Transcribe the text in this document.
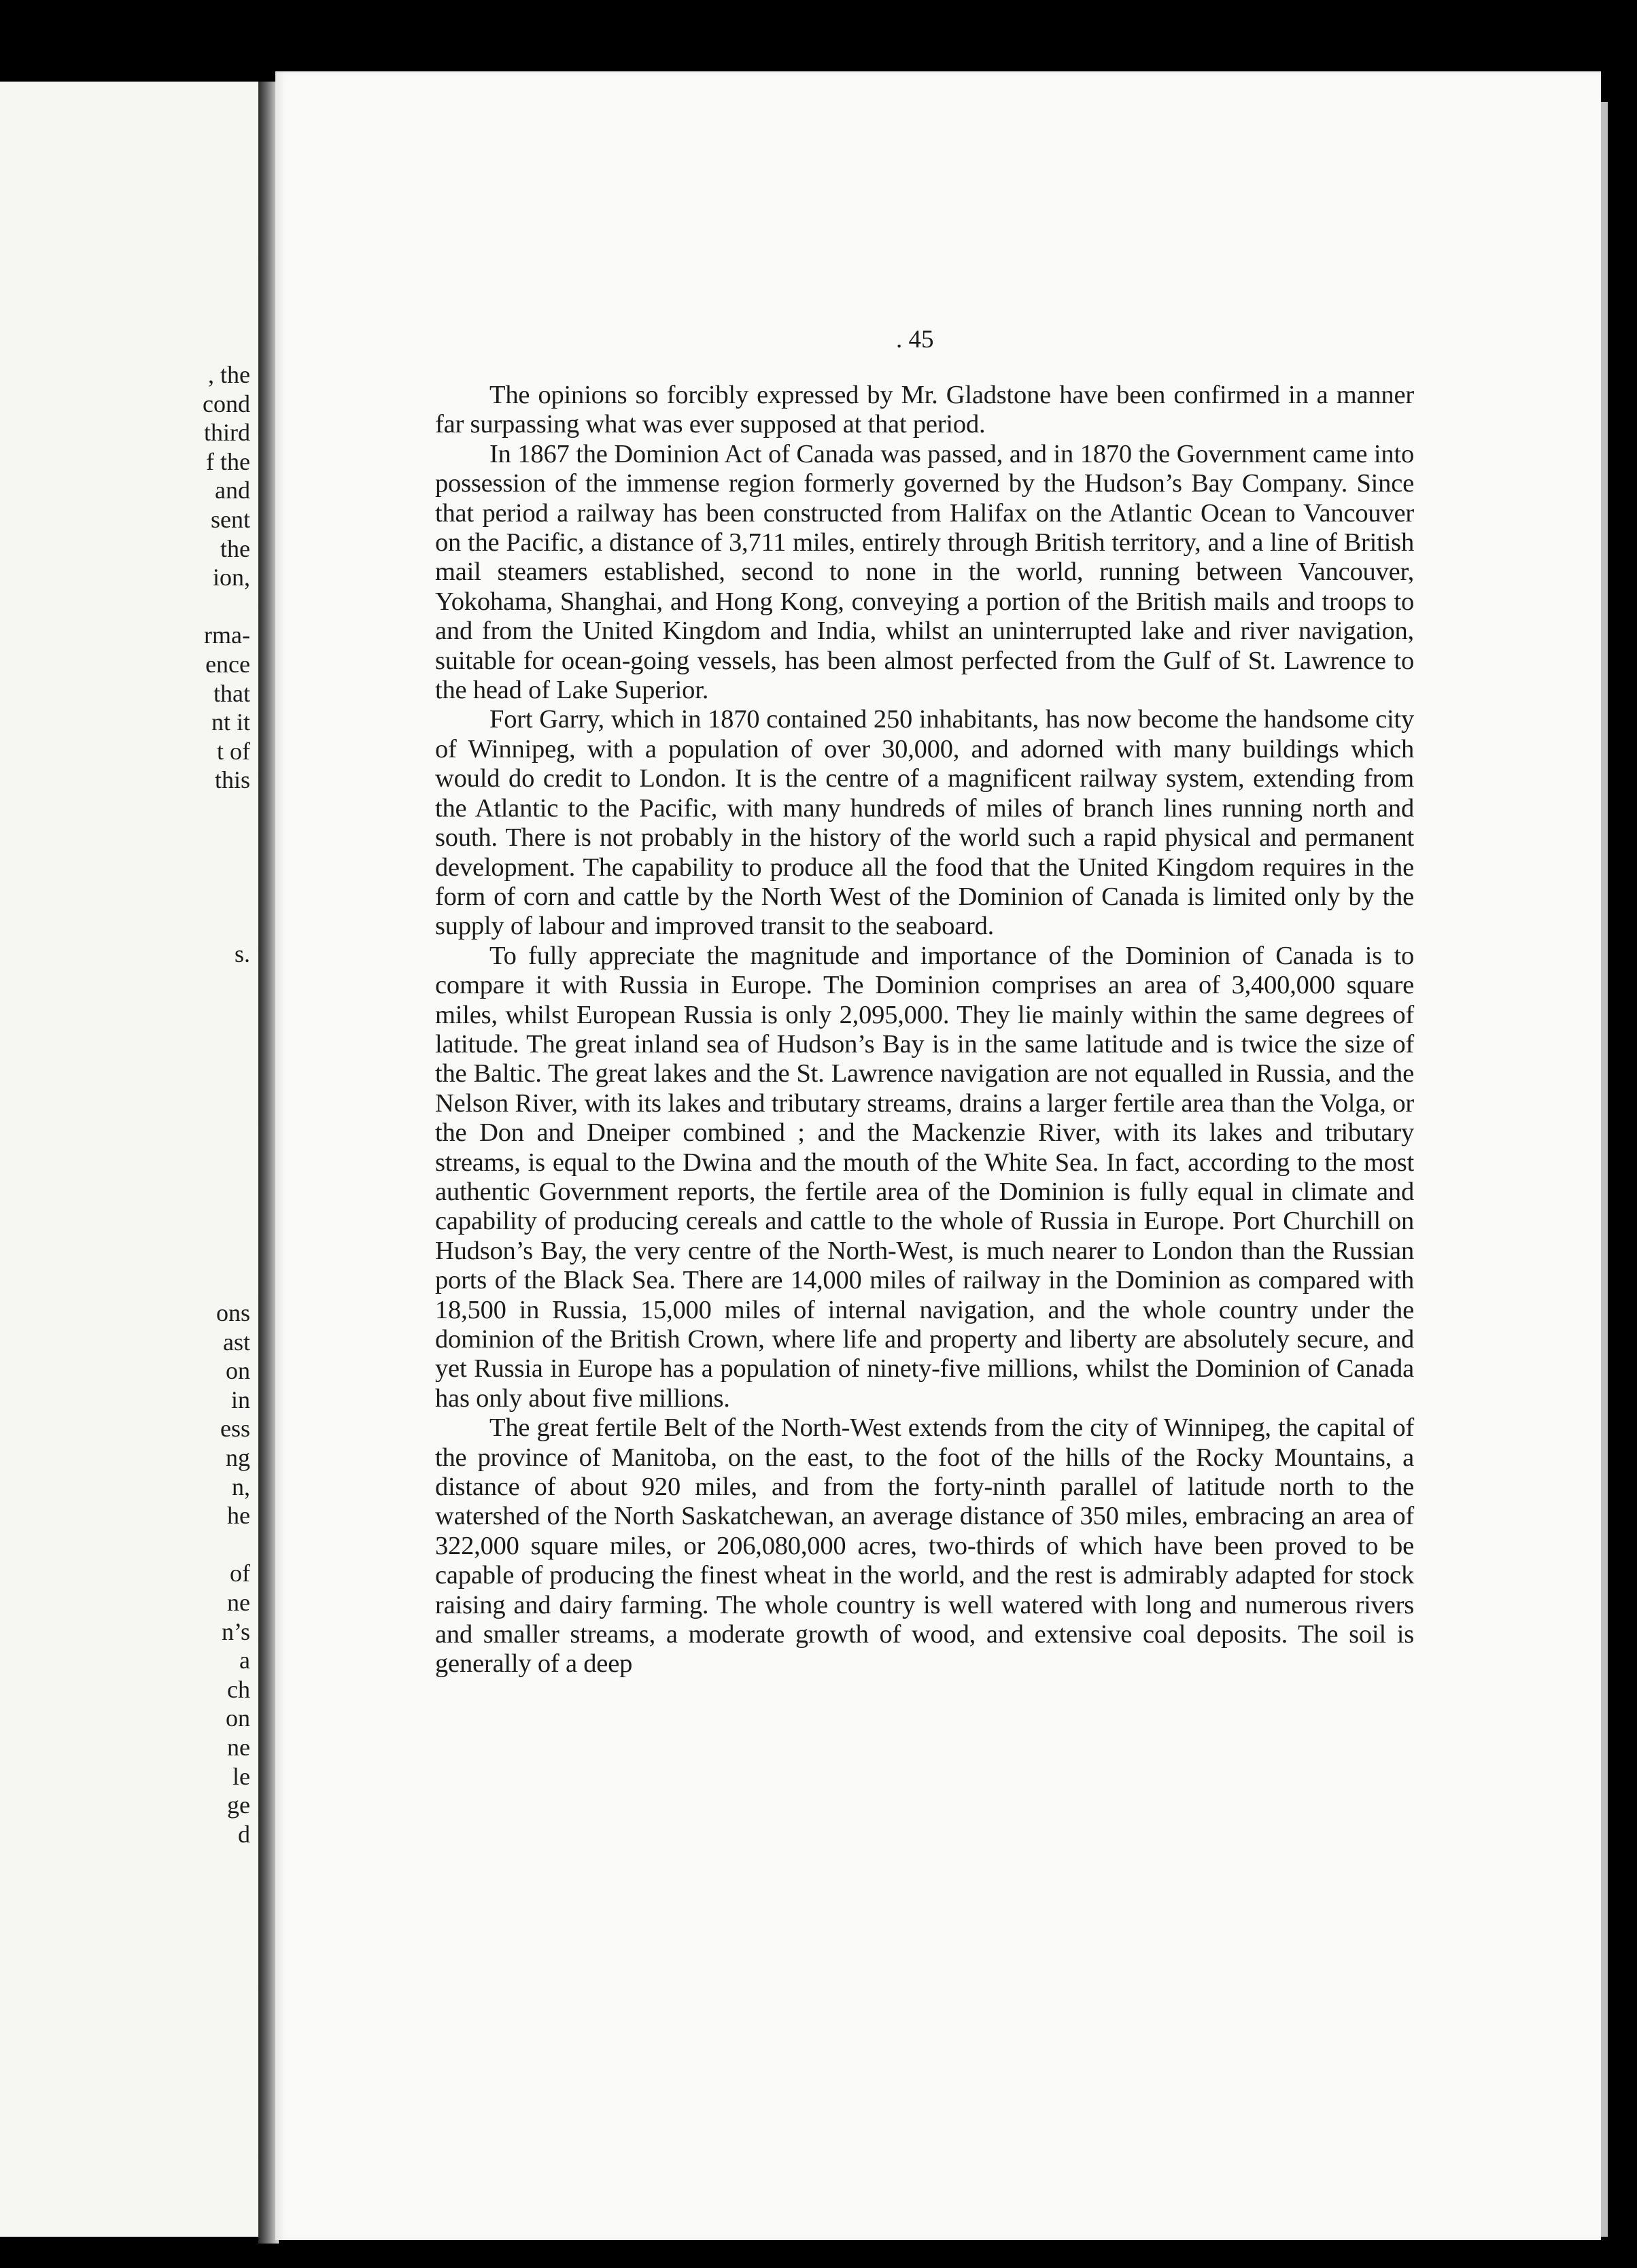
, the
cond
third
f the
and
sent
the
ion,
rma-
ence
that
nt it
t of
this
s.
ons
ast
on
in
ess
ng
n,
he
of
ne
n’s
a
ch
on
ne
le
ge
d
. 45

The opinions so forcibly expressed by Mr. Gladstone have been confirmed in a manner far surpassing what was ever supposed at that period.

In 1867 the Dominion Act of Canada was passed, and in 1870 the Government came into possession of the immense region formerly governed by the Hudson’s Bay Company. Since that period a railway has been constructed from Halifax on the Atlantic Ocean to Vancouver on the Pacific, a distance of 3,711 miles, entirely through British territory, and a line of British mail steamers established, second to none in the world, running between Vancouver, Yokohama, Shanghai, and Hong Kong, conveying a portion of the British mails and troops to and from the United Kingdom and India, whilst an uninterrupted lake and river navigation, suitable for ocean-going vessels, has been almost perfected from the Gulf of St. Lawrence to the head of Lake Superior.

Fort Garry, which in 1870 contained 250 inhabitants, has now become the handsome city of Winnipeg, with a population of over 30,000, and adorned with many buildings which would do credit to London. It is the centre of a magnificent railway system, extending from the Atlantic to the Pacific, with many hundreds of miles of branch lines running north and south. There is not probably in the history of the world such a rapid physical and permanent development. The capability to produce all the food that the United Kingdom requires in the form of corn and cattle by the North West of the Dominion of Canada is limited only by the supply of labour and improved transit to the seaboard.

To fully appreciate the magnitude and importance of the Dominion of Canada is to compare it with Russia in Europe. The Dominion comprises an area of 3,400,000 square miles, whilst European Russia is only 2,095,000. They lie mainly within the same degrees of latitude. The great inland sea of Hudson’s Bay is in the same latitude and is twice the size of the Baltic. The great lakes and the St. Lawrence navigation are not equalled in Russia, and the Nelson River, with its lakes and tributary streams, drains a larger fertile area than the Volga, or the Don and Dneiper combined ; and the Mackenzie River, with its lakes and tributary streams, is equal to the Dwina and the mouth of the White Sea. In fact, according to the most authentic Government reports, the fertile area of the Dominion is fully equal in climate and capability of producing cereals and cattle to the whole of Russia in Europe. Port Churchill on Hudson’s Bay, the very centre of the North-West, is much nearer to London than the Russian ports of the Black Sea. There are 14,000 miles of railway in the Dominion as compared with 18,500 in Russia, 15,000 miles of internal navigation, and the whole country under the dominion of the British Crown, where life and property and liberty are absolutely secure, and yet Russia in Europe has a population of ninety-five millions, whilst the Dominion of Canada has only about five millions.

The great fertile Belt of the North-West extends from the city of Winnipeg, the capital of the province of Manitoba, on the east, to the foot of the hills of the Rocky Mountains, a distance of about 920 miles, and from the forty-ninth parallel of latitude north to the watershed of the North Saskatchewan, an average distance of 350 miles, embracing an area of 322,000 square miles, or 206,080,000 acres, two-thirds of which have been proved to be capable of producing the finest wheat in the world, and the rest is admirably adapted for stock raising and dairy farming. The whole country is well watered with long and numerous rivers and smaller streams, a moderate growth of wood, and extensive coal deposits. The soil is generally of a deep
